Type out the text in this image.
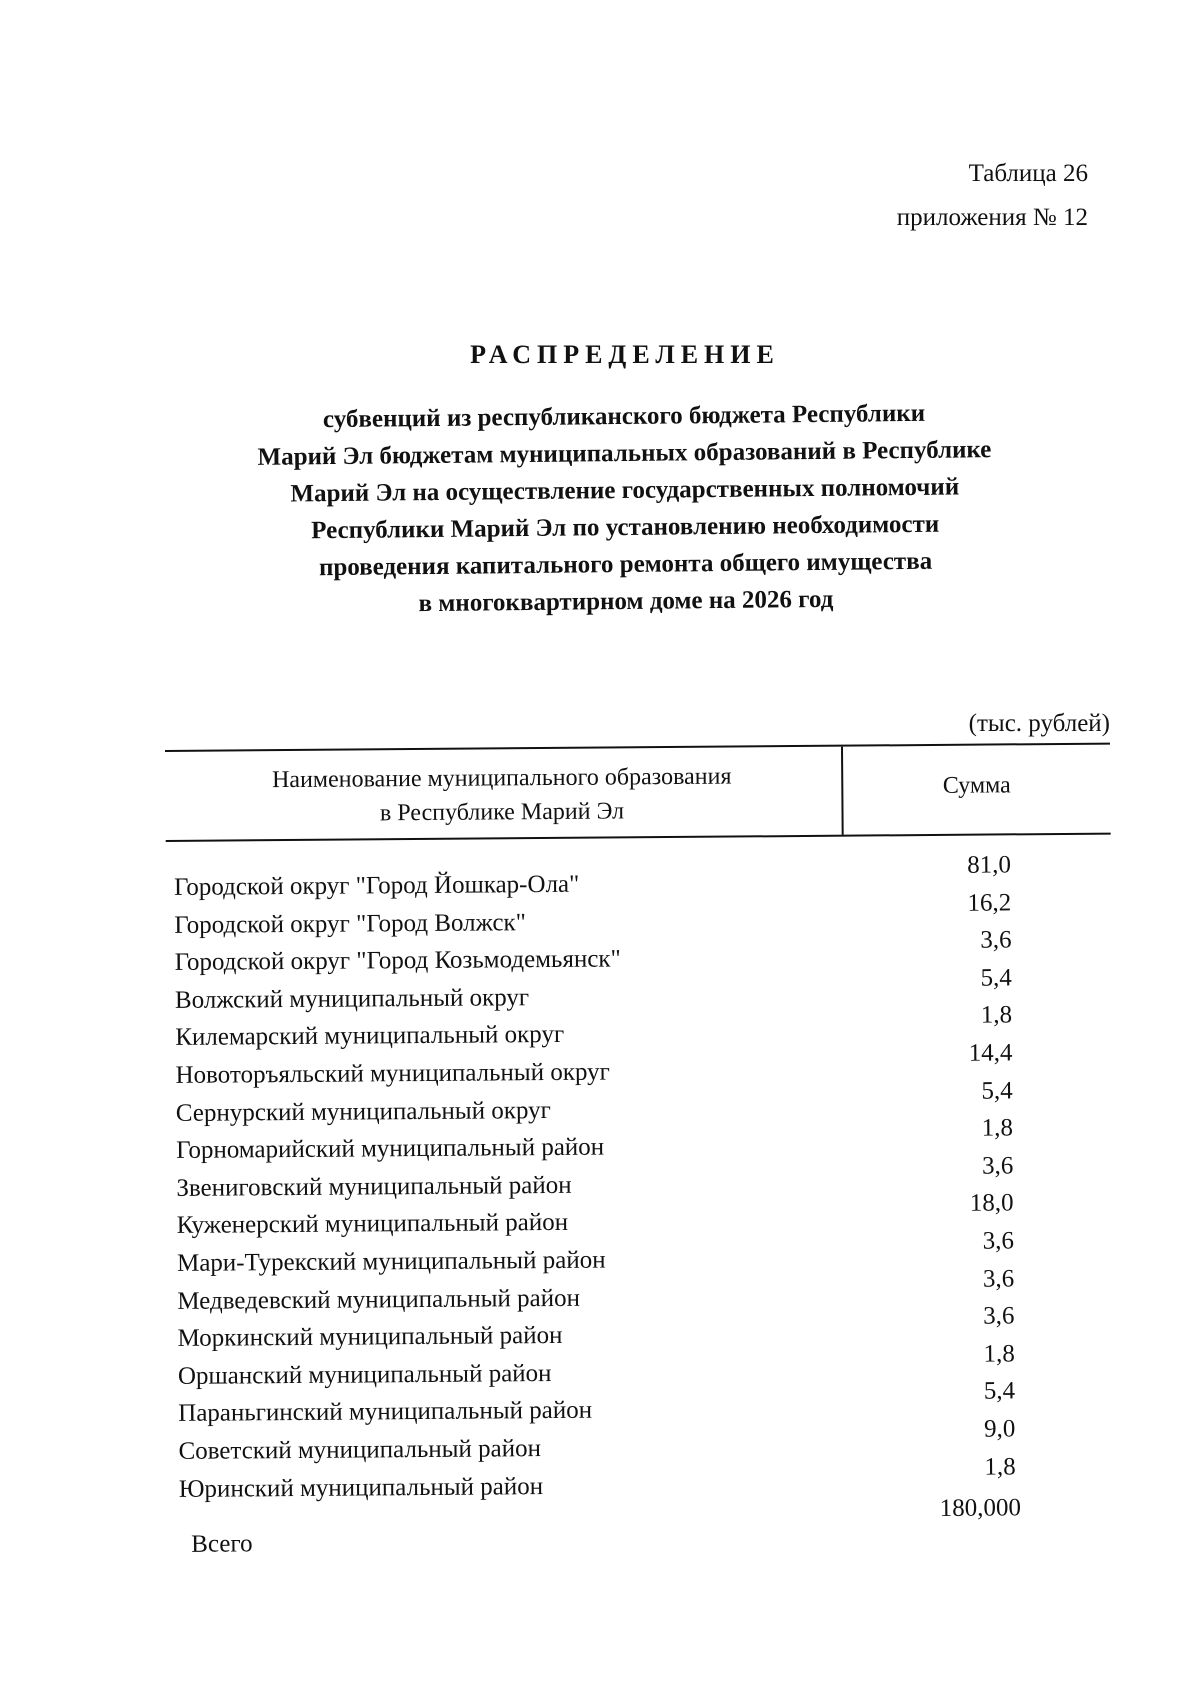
Таблица 26
приложения № 12
РАСПРЕДЕЛЕНИЕ
субвенций из республиканского бюджета Республики
Марий Эл бюджетам муниципальных образований в Республике
Марий Эл на осуществление государственных полномочий
Республики Марий Эл по установлению необходимости
проведения капитального ремонта общего имущества
в многоквартирном доме на 2026 год
(тыс. рублей)
Наименование муниципального образования
в Республике Марий Эл
Сумма
Городской округ "Город Йошкар-Ола"
81,0
Городской округ "Город Волжск"
16,2
Городской округ "Город Козьмодемьянск"
3,6
Волжский муниципальный округ
5,4
Килемарский муниципальный округ
1,8
Новоторъяльский муниципальный округ
14,4
Сернурский муниципальный округ
5,4
Горномарийский муниципальный район
1,8
Звениговский муниципальный район
3,6
Куженерский муниципальный район
18,0
Мари-Турекский муниципальный район
3,6
Медведевский муниципальный район
3,6
Моркинский муниципальный район
3,6
Оршанский муниципальный район
1,8
Параньгинский муниципальный район
5,4
Советский муниципальный район
9,0
Юринский муниципальный район
1,8
Всего
180,000
